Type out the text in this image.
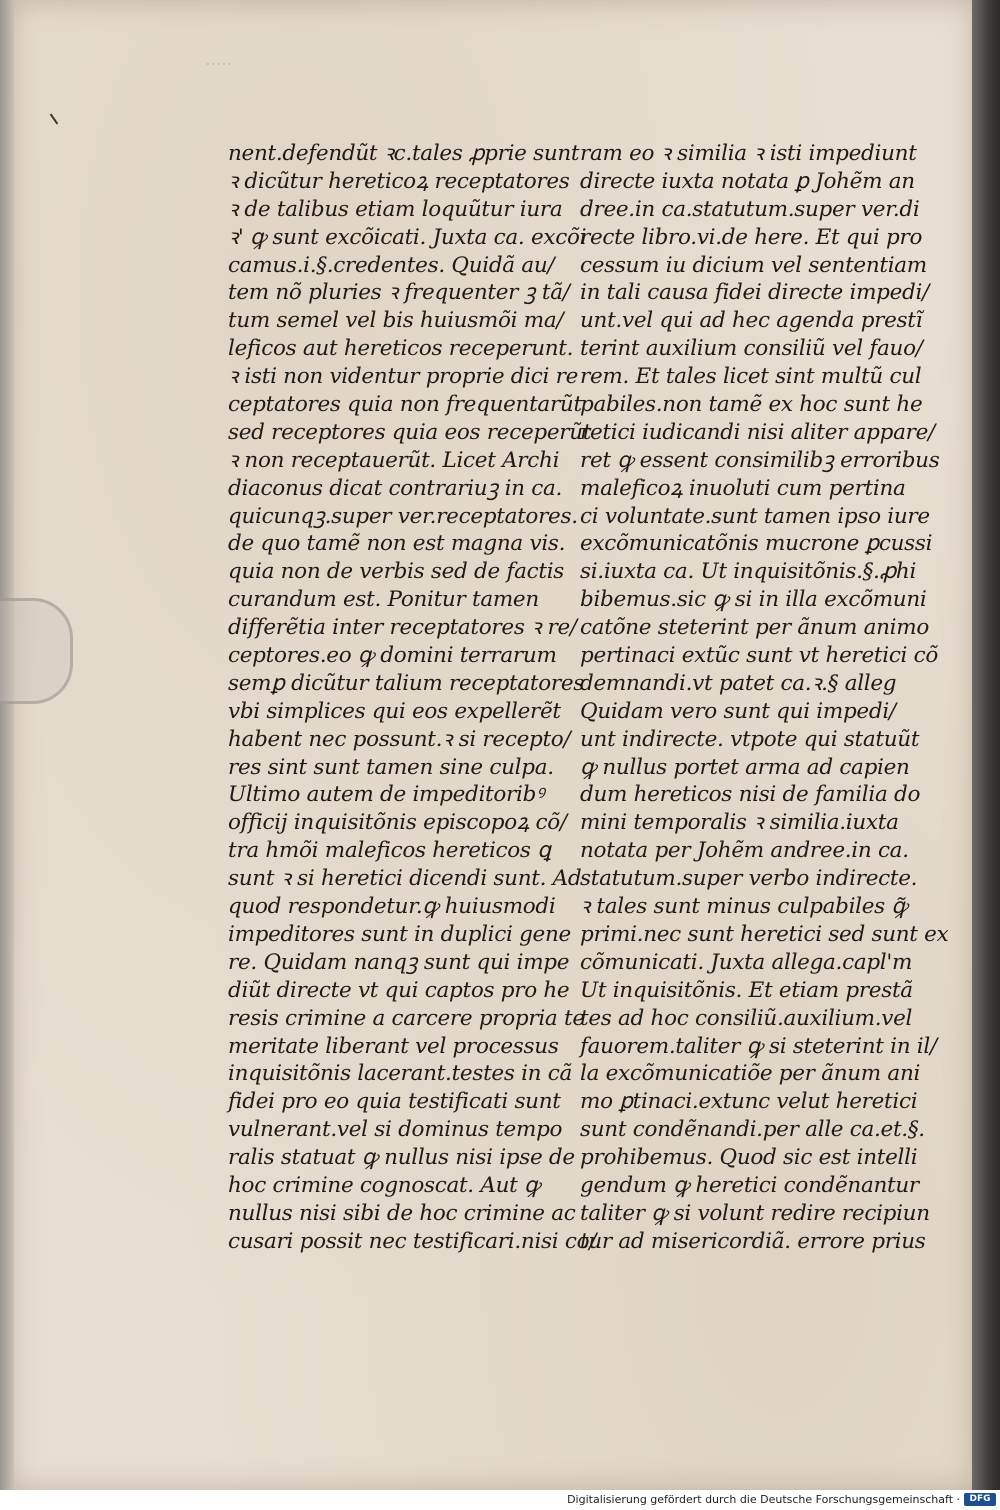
·····
nent.defendũt ꝛc.tales ꝓprie sunt
ꝛ dicũtur hereticoꝝ receptatores
ꝛ de talibus etiam loquũtur iura
ꝛ' ꝙ sunt excõicati. Juxta ca. excõi
camus.i.§.credentes. Quidã au/
tem nõ pluries ꝛ frequenter ꝫ tã/
tum semel vel bis huiusmõi ma/
leficos aut hereticos receperunt.
ꝛ isti non videntur proprie dici re
ceptatores quia non frequentarũt
sed receptores quia eos receperũt
ꝛ non receptauerũt. Licet Archi
diaconus dicat contrariuꝫ in ca.
quicunqꝫ.super ver.receptatores.
de quo tamẽ non est magna vis.
quia non de verbis sed de factis
curandum est. Ponitur tamen
differẽtia inter receptatores ꝛ re/
ceptores.eo ꝙ domini terrarum
semꝑ dicũtur talium receptatores
vbi simplices qui eos expellerẽt
habent nec possunt.ꝛ si recepto/
res sint sunt tamen sine culpa.
Ultimo autem de impeditoribꝰ
officij inquisitõnis episcopoꝝ cõ/
tra hmõi maleficos hereticos ꝗ
sunt ꝛ si heretici dicendi sunt. Ad
quod respondetur.ꝙ huiusmodi
impeditores sunt in duplici gene
re. Quidam nanqꝫ sunt qui impe
diũt directe vt qui captos pro he
resis crimine a carcere propria te
meritate liberant vel processus
inquisitõnis lacerant.testes in cã
fidei pro eo quia testificati sunt
vulnerant.vel si dominus tempo
ralis statuat ꝙ nullus nisi ipse de
hoc crimine cognoscat. Aut ꝙ
nullus nisi sibi de hoc crimine ac
cusari possit nec testificari.nisi co/
ram eo ꝛ similia ꝛ isti impediunt
directe iuxta notata ꝑ Johẽm an
dree.in ca.statutum.super ver.di
recte libro.vi.de here. Et qui pro
cessum iu dicium vel sententiam
in tali causa fidei directe impedi/
unt.vel qui ad hec agenda prestĩ
terint auxilium consiliũ vel fauo/
rem. Et tales licet sint multũ cul
pabiles.non tamẽ ex hoc sunt he
retici iudicandi nisi aliter appare/
ret ꝙ essent consimilibꝫ erroribus
maleficoꝝ inuoluti cum pertina
ci voluntate.sunt tamen ipso iure
excõmunicatõnis mucrone ꝑcussi
si.iuxta ca. Ut inquisitõnis.§.ꝓhi
bibemus.sic ꝙ si in illa excõmuni
catõne steterint per ãnum animo
pertinaci extũc sunt vt heretici cõ
demnandi.vt patet ca.ꝛ.§ alleg
Quidam vero sunt qui impedi/
unt indirecte. vtpote qui statuũt
ꝙ nullus portet arma ad capien
dum hereticos nisi de familia do
mini temporalis ꝛ similia.iuxta
notata per Johẽm andree.in ca.
statutum.super verbo indirecte.
ꝛ tales sunt minus culpabiles ꝙ̃
primi.nec sunt heretici sed sunt ex
cõmunicati. Juxta allega.capl'm
Ut inquisitõnis. Et etiam prestã
tes ad hoc consiliũ.auxilium.vel
fauorem.taliter ꝙ si steterint in il/
la excõmunicatiõe per ãnum ani
mo ꝑtinaci.extunc velut heretici
sunt condẽnandi.per alle ca.et.§.
prohibemus. Quod sic est intelli
gendum ꝙ heretici condẽnantur
taliter ꝙ si volunt redire recipiun
tur ad misericordiã. errore prius
Digitalisierung gefördert durch die Deutsche Forschungsgemeinschaft ·	DFG
